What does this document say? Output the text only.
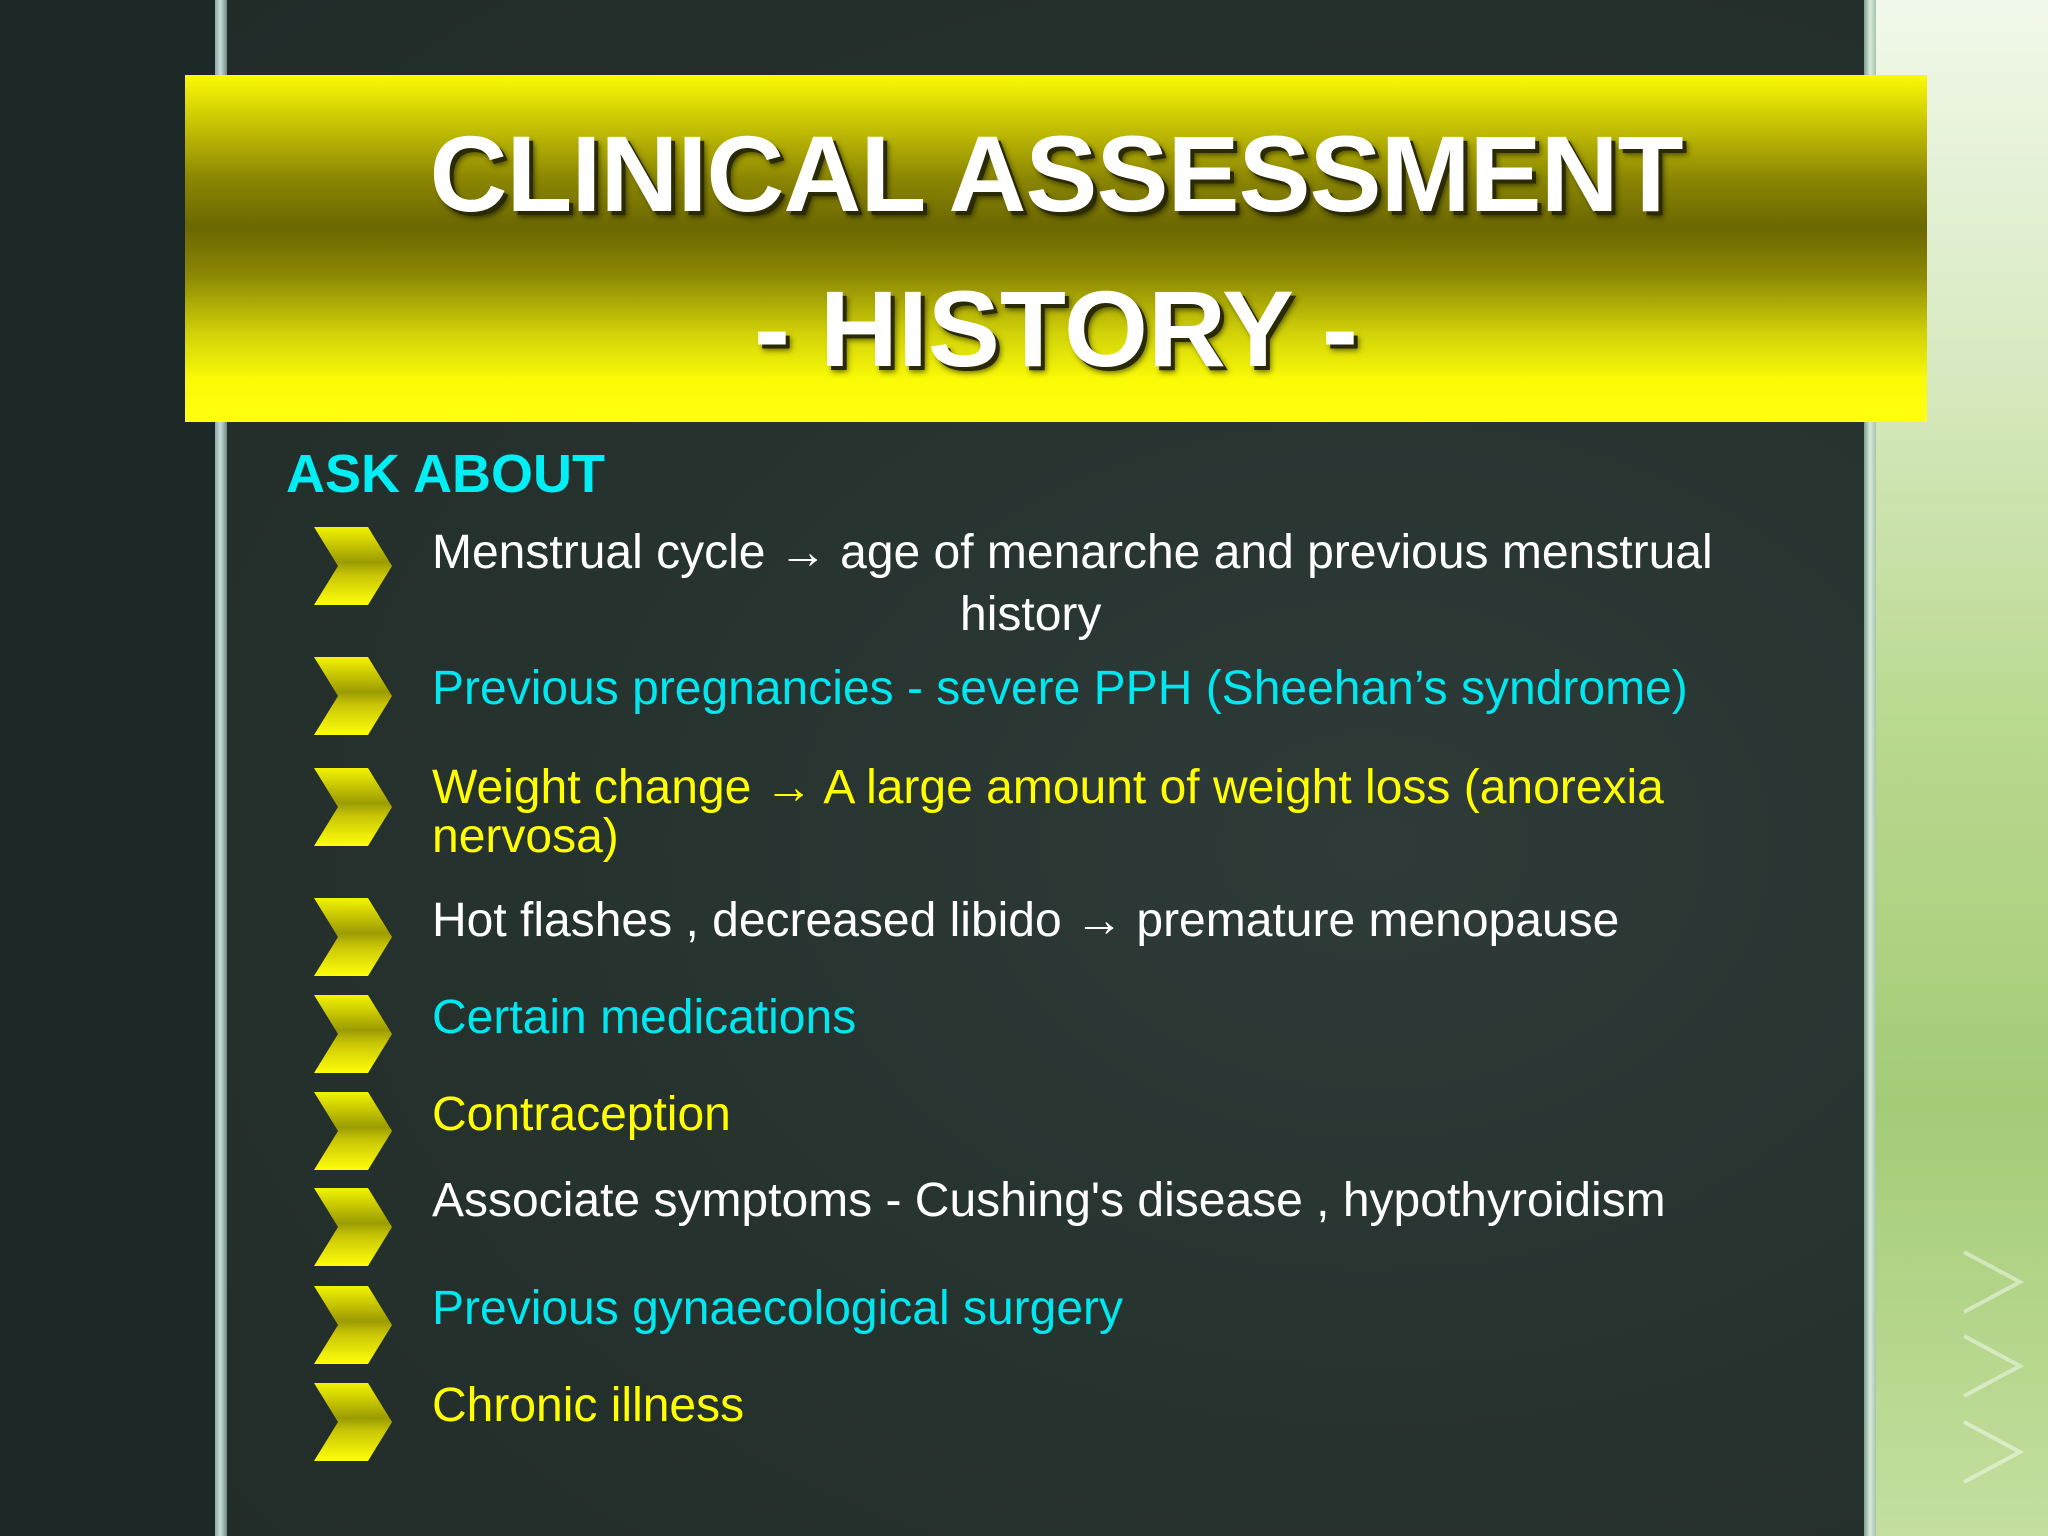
CLINICAL ASSESSMENT
- HISTORY -
ASK ABOUT
Menstrual cycle → age of menarche and previous menstrual
history
Previous pregnancies - severe PPH (Sheehan’s syndrome)
Weight change → A large amount of weight loss (anorexia
nervosa)
Hot flashes , decreased libido → premature menopause
Certain medications
Contraception
Associate symptoms - Cushing's disease , hypothyroidism
Previous gynaecological surgery
Chronic illness
